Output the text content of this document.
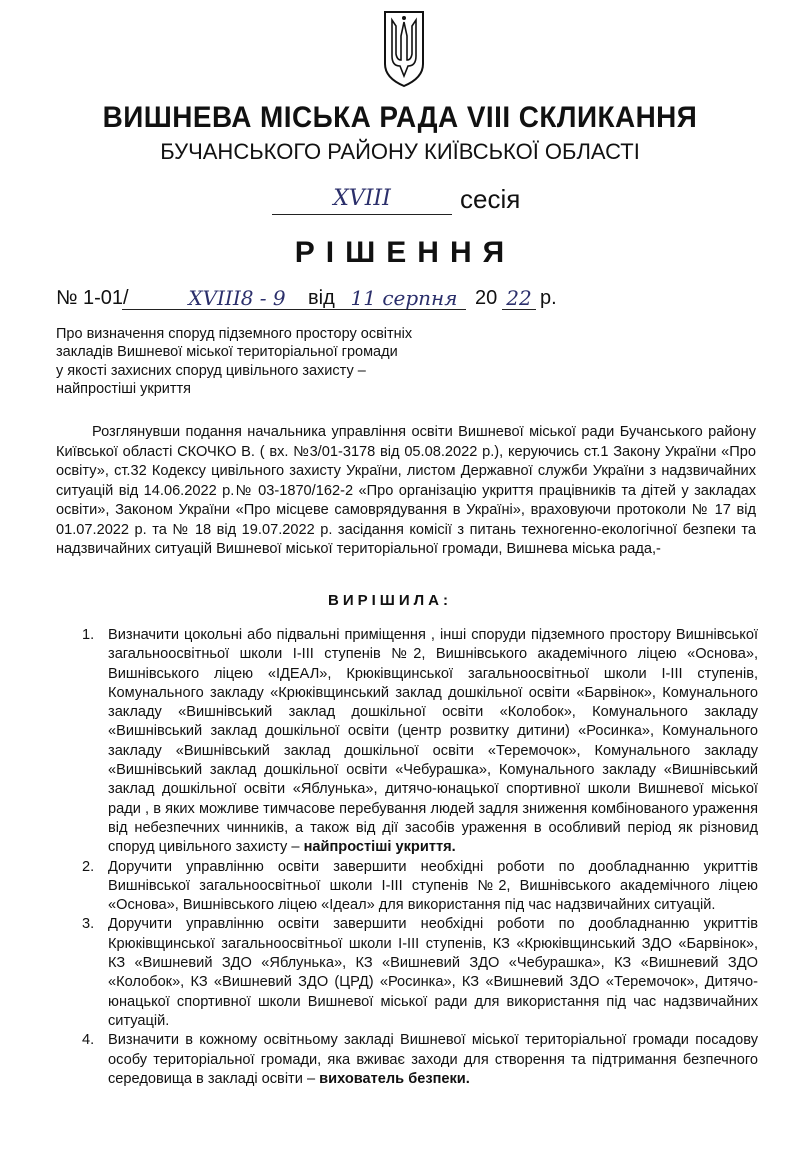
ВИШНЕВА МІСЬКА РАДА VIII СКЛИКАННЯ
БУЧАНСЬКОГО РАЙОНУ КИЇВСЬКОЇ ОБЛАСТІ
XVIII	сесія
РІШЕННЯ
№ 1-01/	XVIII8 - 9	від 11 серпня 20 22 р.
Про визначення споруд підземного простору освітніх
закладів Вишневої міської територіальної громади
у якості захисних споруд цивільного захисту –
найпростіші укриття
Розглянувши подання начальника управління освіти Вишневої міської ради Бучанського району Київської області СКОЧКО В. ( вх. №3/01-3178 від 05.08.2022 р.), керуючись ст.1 Закону України «Про освіту», ст.32 Кодексу цивільного захисту України, листом Державної служби України з надзвичайних ситуацій від 14.06.2022 р.№ 03-1870/162-2 «Про організацію укриття працівників та дітей у закладах освіти», Законом України «Про місцеве самоврядування в Україні», враховуючи протоколи № 17 від 01.07.2022 р. та № 18 від 19.07.2022 р. засідання комісії з питань техногенно-екологічної безпеки та надзвичайних ситуацій Вишневої міської територіальної громади, Вишнева міська рада,-
ВИРІШИЛА:
1. Визначити цокольні або підвальні приміщення , інші споруди підземного простору Вишнівської загальноосвітньої школи І-ІІІ ступенів №2, Вишнівського академічного ліцею «Основа», Вишнівського ліцею «ІДЕАЛ», Крюківщинської загальноосвітньої школи І-ІІІ ступенів, Комунального закладу «Крюківщинський заклад дошкільної освіти «Барвінок», Комунального закладу «Вишнівський заклад дошкільної освіти «Колобок», Комунального закладу «Вишнівський заклад дошкільної освіти (центр розвитку дитини) «Росинка», Комунального закладу «Вишнівський заклад дошкільної освіти «Теремочок», Комунального закладу «Вишнівський заклад дошкільної освіти «Чебурашка», Комунального закладу «Вишнівський заклад дошкільної освіти «Яблунька», дитячо-юнацької спортивної школи Вишневої міської ради , в яких можливе тимчасове перебування людей задля зниження комбінованого ураження від небезпечних чинників, а також від дії засобів ураження в особливий період як різновид споруд цивільного захисту – найпростіші укриття.
2. Доручити управлінню освіти завершити необхідні роботи по дообладнанню укриттів Вишнівської загальноосвітньої школи І-ІІІ ступенів №2, Вишнівського академічного ліцею «Основа», Вишнівського ліцею «Ідеал» для використання під час надзвичайних ситуацій.
3. Доручити управлінню освіти завершити необхідні роботи по дообладнанню укриттів Крюківщинської загальноосвітньої школи І-ІІІ ступенів, КЗ «Крюківщинський ЗДО «Барвінок», КЗ «Вишневий ЗДО «Яблунька», КЗ «Вишневий ЗДО «Чебурашка», КЗ «Вишневий ЗДО «Колобок», КЗ «Вишневий ЗДО (ЦРД) «Росинка», КЗ «Вишневий ЗДО «Теремочок», Дитячо-юнацької спортивної школи Вишневої міської ради для використання під час надзвичайних ситуацій.
4. Визначити в кожному освітньому закладі Вишневої міської територіальної громади посадову особу територіальної громади, яка вживає заходи для створення та підтримання безпечного середовища в закладі освіти – вихователь безпеки.
